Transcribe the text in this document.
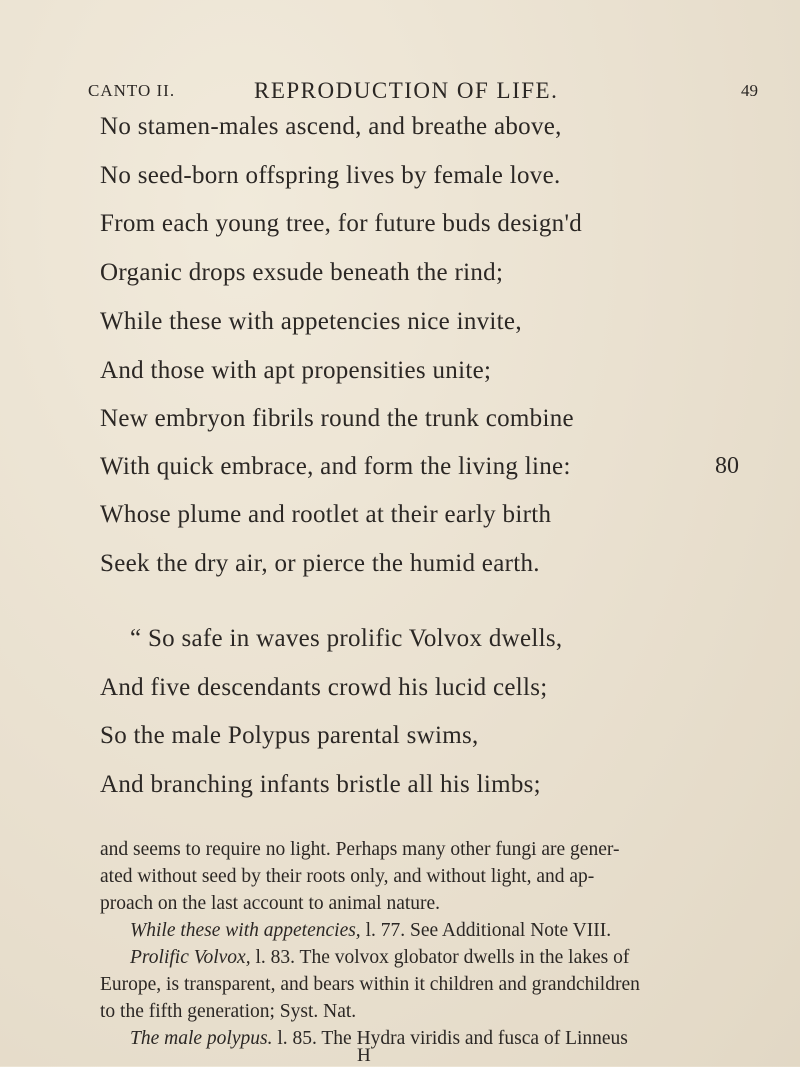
CANTO II.	REPRODUCTION OF LIFE.	49
No stamen-males ascend, and breathe above,
No seed-born offspring lives by female love.
From each young tree, for future buds design'd
Organic drops exsude beneath the rind;
While these with appetencies nice invite,
And those with apt propensities unite;
New embryon fibrils round the trunk combine
With quick embrace, and form the living line:	80
Whose plume and rootlet at their early birth
Seek the dry air, or pierce the humid earth.
“ So safe in waves prolific Volvox dwells,
And five descendants crowd his lucid cells;
So the male Polypus parental swims,
And branching infants bristle all his limbs;
and seems to require no light. Perhaps many other fungi are gener-
ated without seed by their roots only, and without light, and ap-
proach on the last account to animal nature.
While these with appetencies, l. 77. See Additional Note VIII.
Prolific Volvox, l. 83. The volvox globator dwells in the lakes of
Europe, is transparent, and bears within it children and grandchildren
to the fifth generation; Syst. Nat.
The male polypus. l. 85. The Hydra viridis and fusca of Linneus
H
